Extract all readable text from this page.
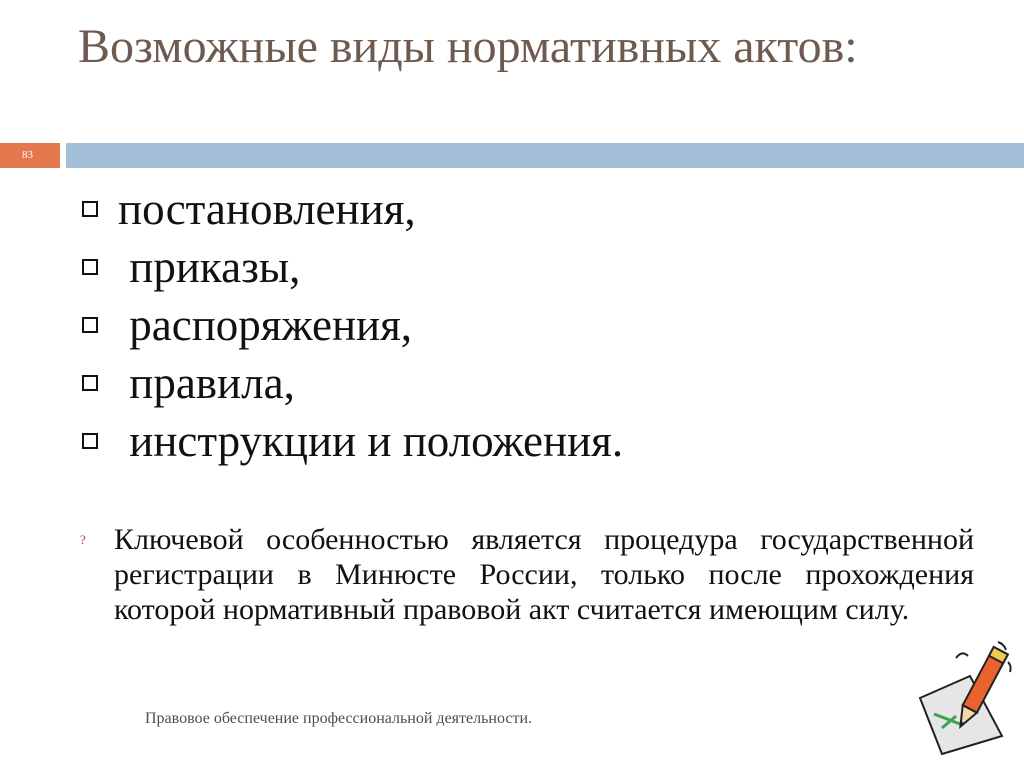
Возможные виды нормативных актов:
83
постановления,
приказы,
распоряжения,
правила,
инструкции и положения.
? Ключевой особенностью является процедура государственной регистрации в Минюсте России, только после прохождения которой нормативный правовой акт считается имеющим силу.

Правовое обеспечение профессиональной деятельности.
